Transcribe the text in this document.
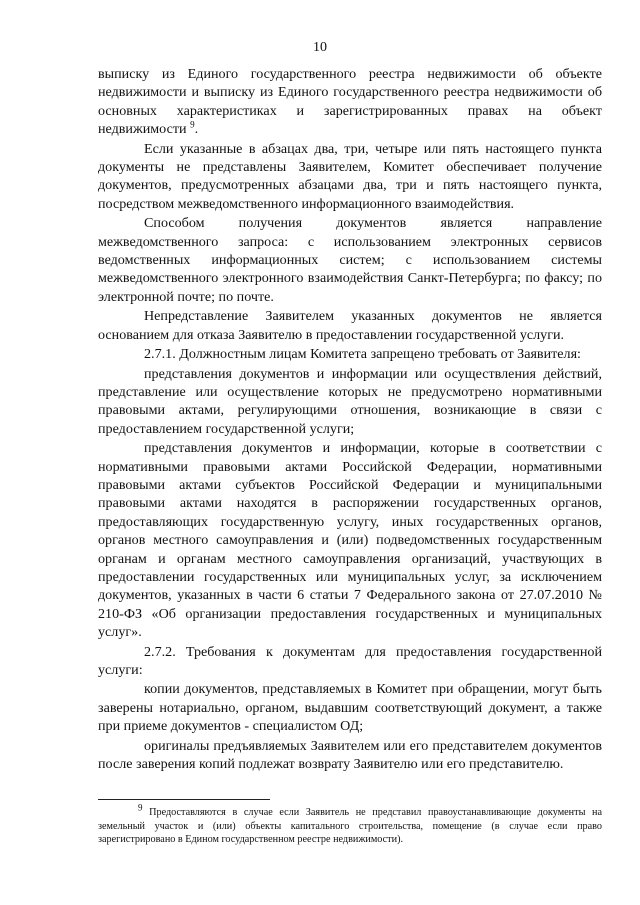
10

выписку из Единого государственного реестра недвижимости об объекте недвижимости и выписку из Единого государственного реестра недвижимости об основных характеристиках и зарегистрированных правах на объект недвижимости $^9$.

Если указанные в абзацах два, три, четыре или пять настоящего пункта документы не представлены Заявителем, Комитет обеспечивает получение документов, предусмотренных абзацами два, три и пять настоящего пункта, посредством межведомственного информационного взаимодействия.

Способом получения документов является направление межведомственного запроса: с использованием электронных сервисов ведомственных информационных систем; с использованием системы межведомственного электронного взаимодействия Санкт-Петербурга; по факсу; по электронной почте; по почте.

Непредставление Заявителем указанных документов не является основанием для отказа Заявителю в предоставлении государственной услуги.

2.7.1. Должностным лицам Комитета запрещено требовать от Заявителя:

представления документов и информации или осуществления действий, представление или осуществление которых не предусмотрено нормативными правовыми актами, регулирующими отношения, возникающие в связи с предоставлением государственной услуги;

представления документов и информации, которые в соответствии с нормативными правовыми актами Российской Федерации, нормативными правовыми актами субъектов Российской Федерации и муниципальными правовыми актами находятся в распоряжении государственных органов, предоставляющих государственную услугу, иных государственных органов, органов местного самоуправления и (или) подведомственных государственным органам и органам местного самоуправления организаций, участвующих в предоставлении государственных или муниципальных услуг, за исключением документов, указанных в части 6 статьи 7 Федерального закона от 27.07.2010 № 210-ФЗ «Об организации предоставления государственных и муниципальных услуг».

2.7.2. Требования к документам для предоставления государственной услуги:

копии документов, представляемых в Комитет при обращении, могут быть заверены нотариально, органом, выдавшим соответствующий документ, а также при приеме документов - специалистом ОД;

оригиналы предъявляемых Заявителем или его представителем документов после заверения копий подлежат возврату Заявителю или его представителю.

$^9$ Предоставляются в случае если Заявитель не представил правоустанавливающие документы на земельный участок и (или) объекты капитального строительства, помещение (в случае если право зарегистрировано в Едином государственном реестре недвижимости).
